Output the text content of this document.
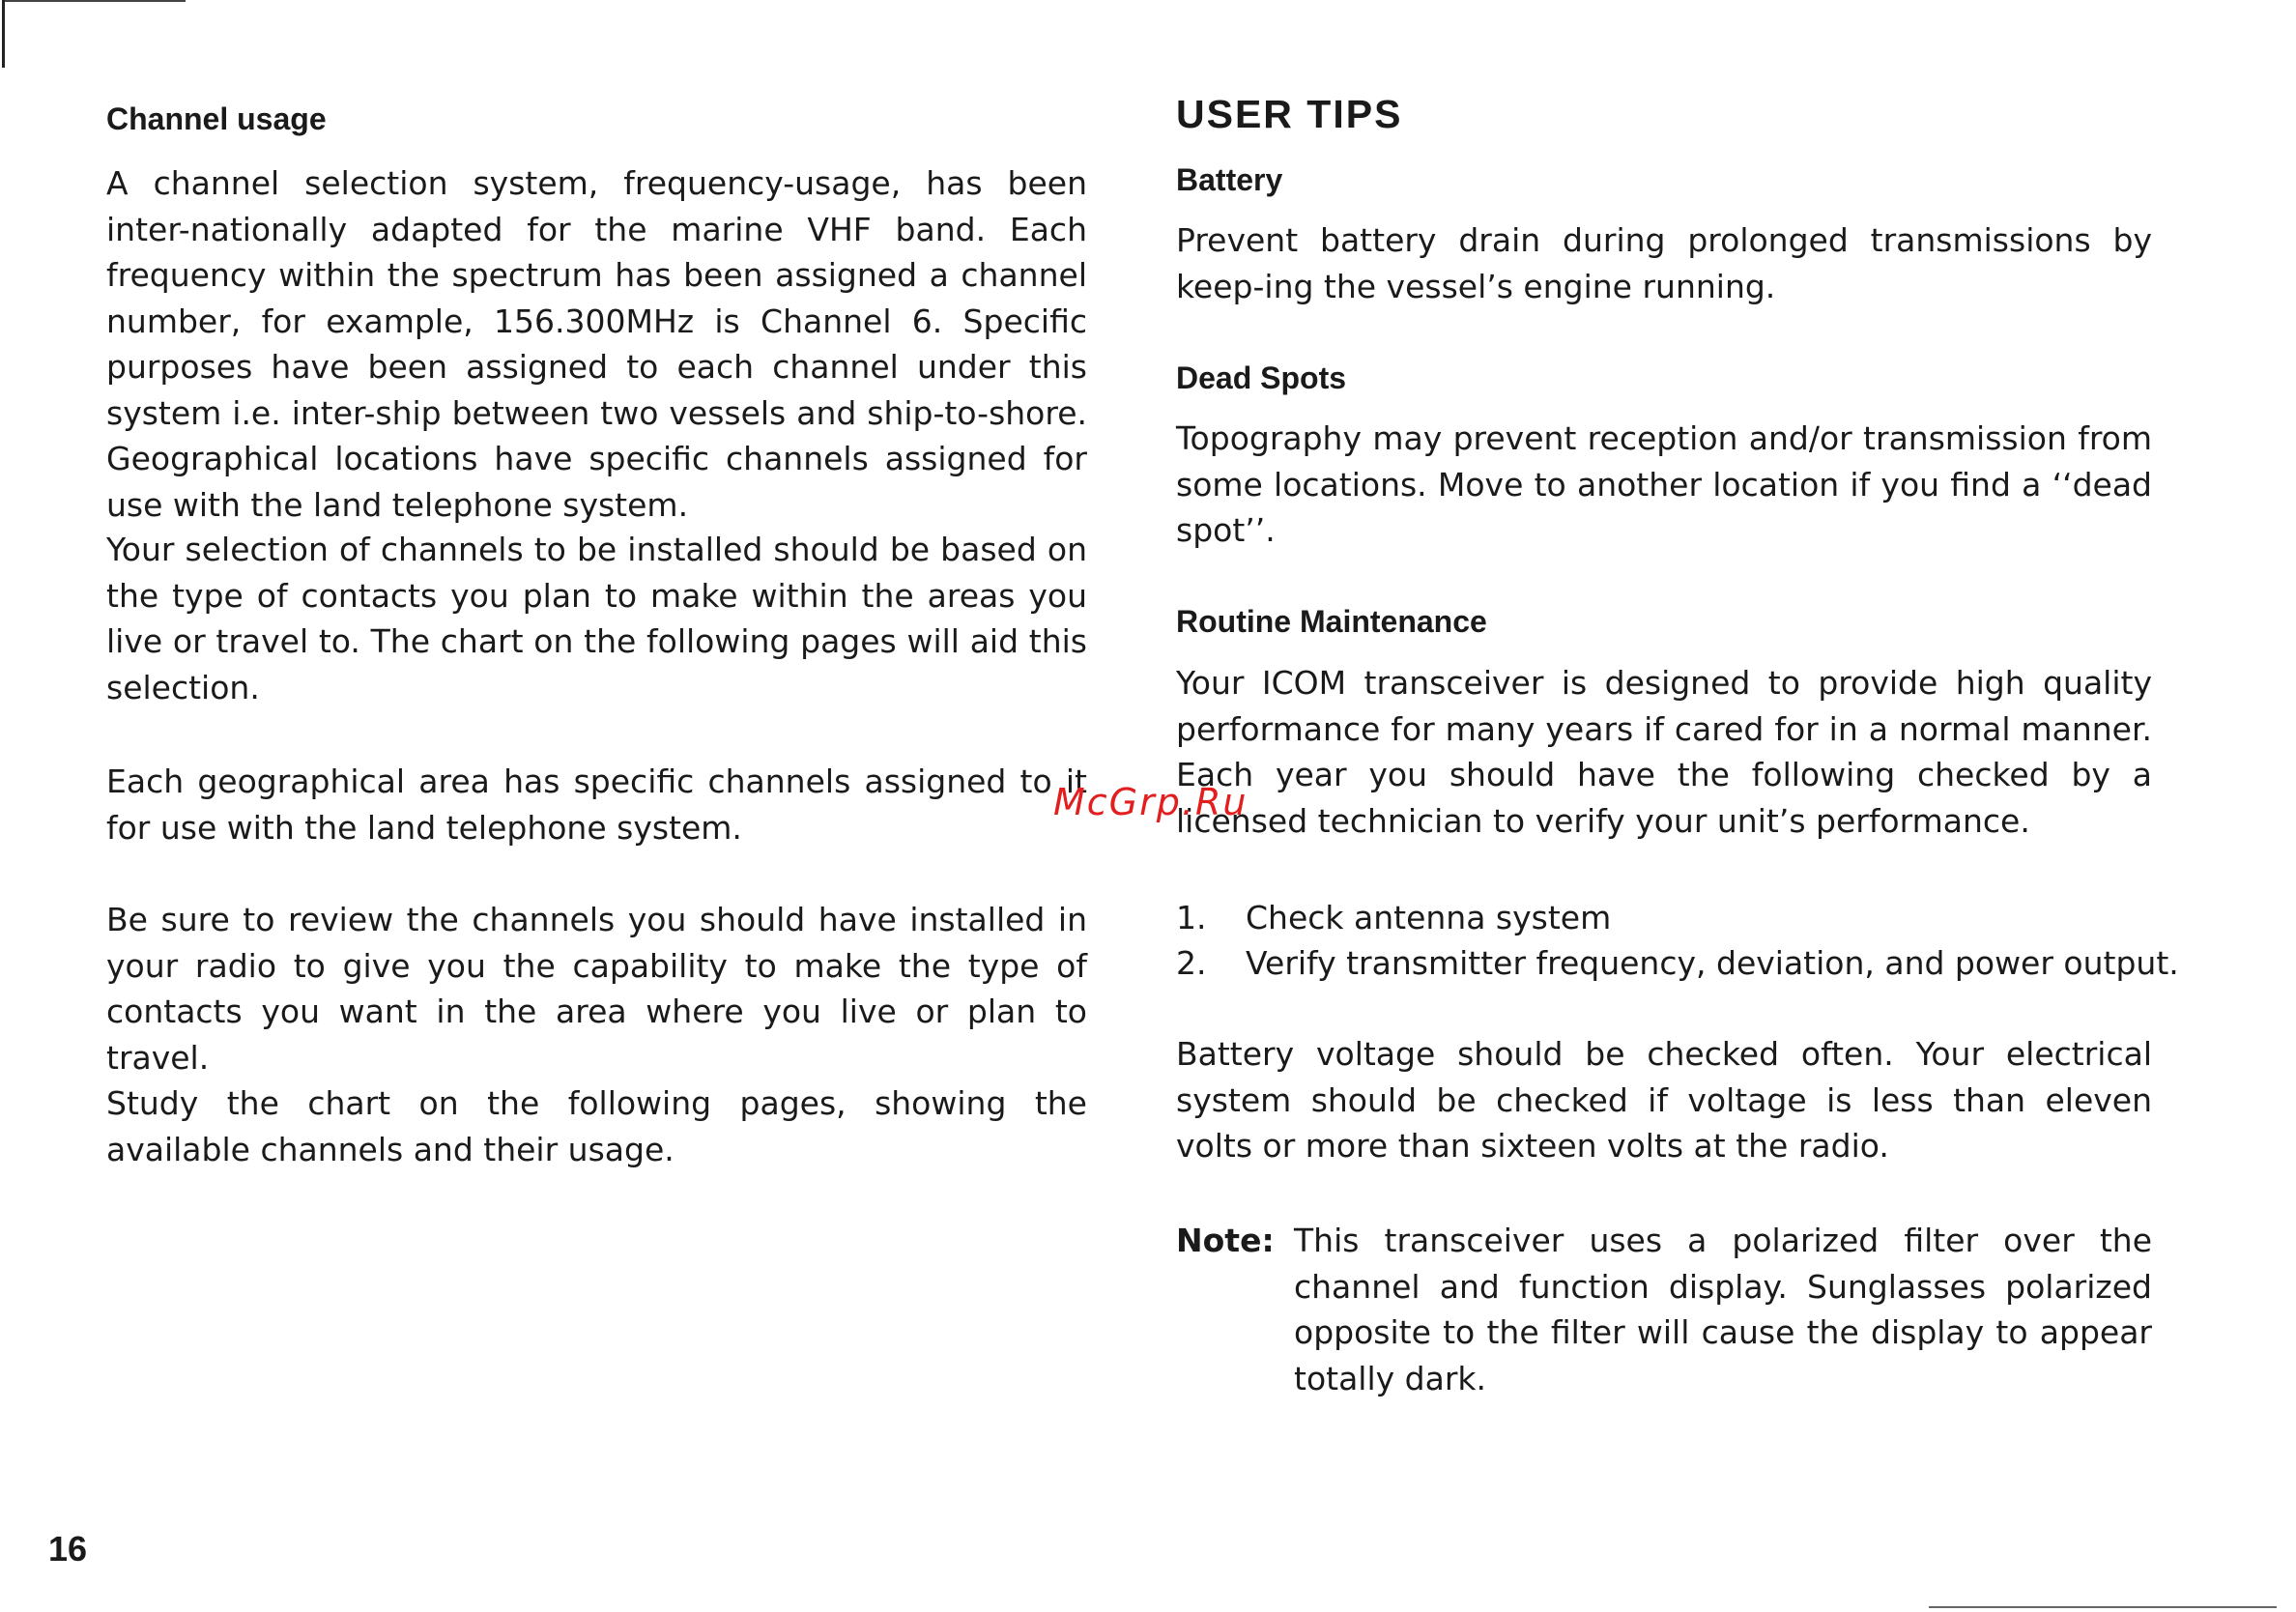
Channel usage

A channel selection system, frequency-usage, has been inter-nationally adapted for the marine VHF band. Each frequency within the spectrum has been assigned a channel number, for example, 156.300MHz is Channel 6. Specific purposes have been assigned to each channel under this system i.e. inter-ship between two vessels and ship-to-shore. Geographical locations have specific channels assigned for use with the land telephone system.

Your selection of channels to be installed should be based on the type of contacts you plan to make within the areas you live or travel to. The chart on the following pages will aid this selection.

Each geographical area has specific channels assigned to it for use with the land telephone system.

Be sure to review the channels you should have installed in your radio to give you the capability to make the type of contacts you want in the area where you live or plan to travel.

Study the chart on the following pages, showing the available channels and their usage.

USER TIPS
Battery

Prevent battery drain during prolonged transmissions by keep-ing the vessel’s engine running.

Dead Spots

Topography may prevent reception and/or transmission from some locations. Move to another location if you find a ‘‘dead spot’’.

Routine Maintenance

Your ICOM transceiver is designed to provide high quality performance for many years if cared for in a normal manner. Each year you should have the following checked by a licensed technician to verify your unit’s performance.

1. Check antenna system
2. Verify transmitter frequency, deviation, and power output.

Battery voltage should be checked often. Your electrical system should be checked if voltage is less than eleven volts or more than sixteen volts at the radio.

Note: This transceiver uses a polarized filter over the channel and function display. Sunglasses polarized opposite to the filter will cause the display to appear totally dark.

McGrp.Ru
16
